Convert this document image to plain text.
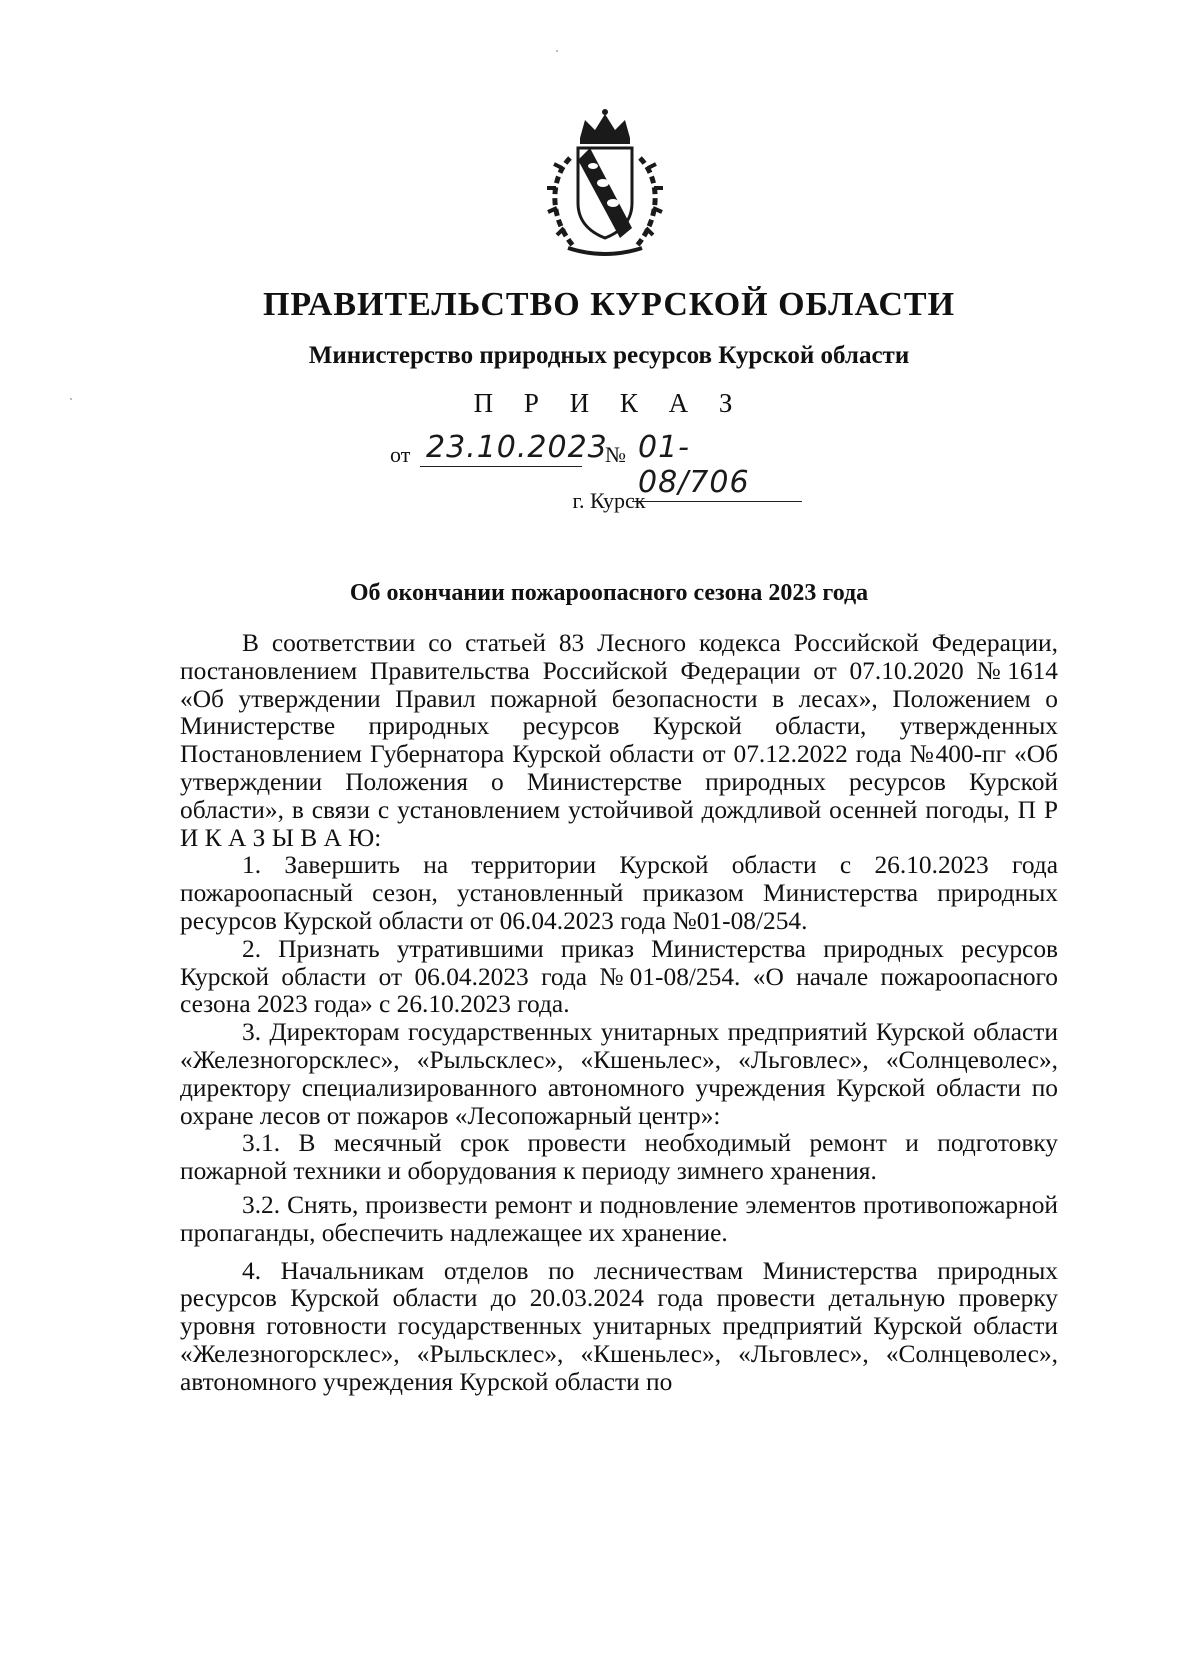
ПРАВИТЕЛЬСТВО КУРСКОЙ ОБЛАСТИ
Министерство природных ресурсов Курской области
П Р И К А З
от 23.10.2023
№ 01-08/706
г. Курск
Об окончании пожароопасного сезона 2023 года

В соответствии со статьей 83 Лесного кодекса Российской Федерации, постановлением Правительства Российской Федерации от 07.10.2020 №1614 «Об утверждении Правил пожарной безопасности в лесах», Положением о Министерстве природных ресурсов Курской области, утвержденных Постановлением Губернатора Курской области от 07.12.2022 года №400-пг «Об утверждении Положения о Министерстве природных ресурсов Курской области», в связи с установлением устойчивой дождливой осенней погоды, П Р И К А З Ы В А Ю:

1. Завершить на территории Курской области с 26.10.2023 года пожароопасный сезон, установленный приказом Министерства природных ресурсов Курской области от 06.04.2023 года №01-08/254.

2. Признать утратившими приказ Министерства природных ресурсов Курской области от 06.04.2023 года №01-08/254. «О начале пожароопасного сезона 2023 года» с 26.10.2023 года.

3. Директорам государственных унитарных предприятий Курской области «Железногорсклес», «Рыльсклес», «Кшеньлес», «Льговлес», «Солнцеволес», директору специализированного автономного учреждения Курской области по охране лесов от пожаров «Лесопожарный центр»:

3.1. В месячный срок провести необходимый ремонт и подготовку пожарной техники и оборудования к периоду зимнего хранения.

3.2. Снять, произвести ремонт и подновление элементов противопожарной пропаганды, обеспечить надлежащее их хранение.

4. Начальникам отделов по лесничествам Министерства природных ресурсов Курской области до 20.03.2024 года провести детальную проверку уровня готовности государственных унитарных предприятий Курской области «Железногорсклес», «Рыльсклес», «Кшеньлес», «Льговлес», «Солнцеволес», автономного учреждения Курской области по
